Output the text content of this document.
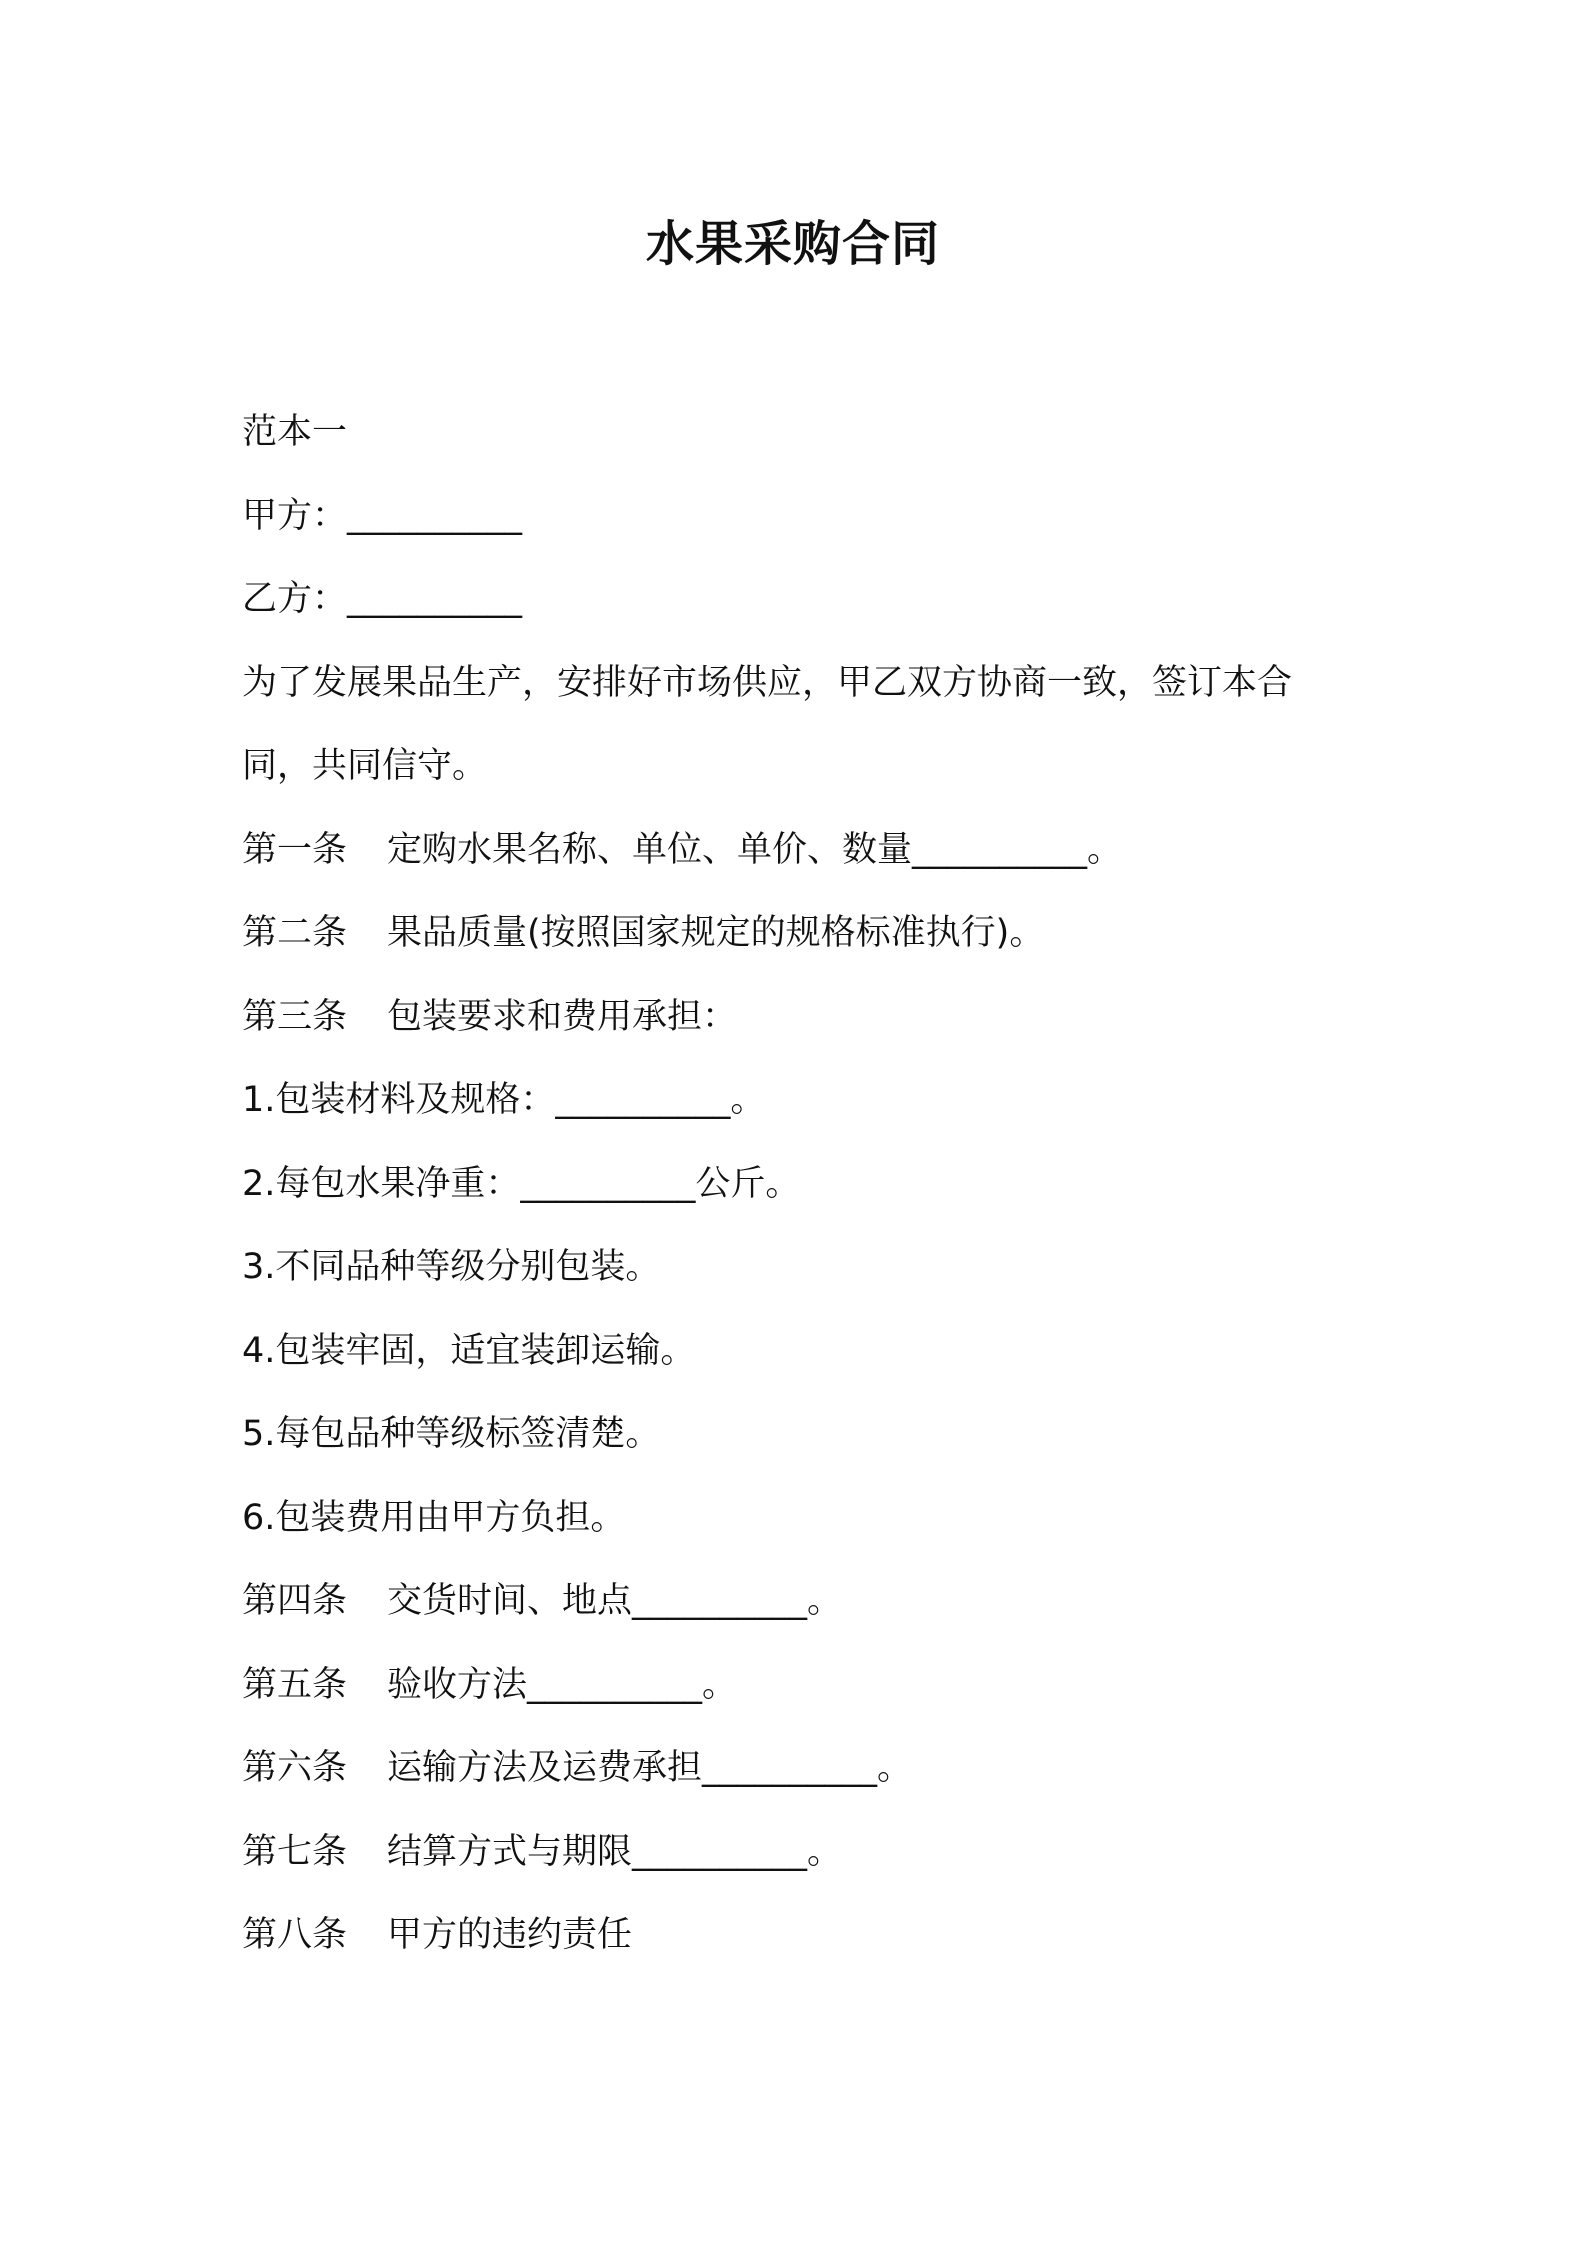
水果采购合同
范本一
甲方：__________
乙方：__________
为了发展果品生产，安排好市场供应，甲乙双方协商一致，签订本合
同，共同信守。
第一条 定购水果名称、单位、单价、数量__________。
第二条 果品质量(按照国家规定的规格标准执行)。
第三条 包装要求和费用承担：
1.包装材料及规格：__________。
2.每包水果净重：__________公斤。
3.不同品种等级分别包装。
4.包装牢固，适宜装卸运输。
5.每包品种等级标签清楚。
6.包装费用由甲方负担。
第四条 交货时间、地点__________。
第五条 验收方法__________。
第六条 运输方法及运费承担__________。
第七条 结算方式与期限__________。
第八条 甲方的违约责任
